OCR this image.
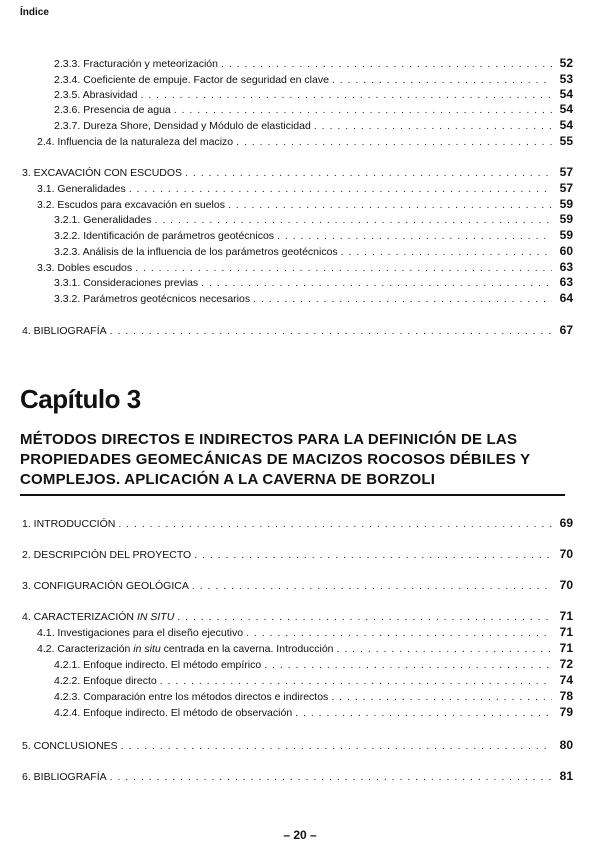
Índice
2.3.3. Fracturación y meteorización . . .	52
2.3.4. Coeficiente de empuje. Factor de seguridad en clave . . .	53
2.3.5. Abrasividad . . .	54
2.3.6. Presencia de agua . . .	54
2.3.7. Dureza Shore, Densidad y Módulo de elasticidad . . .	54
2.4. Influencia de la naturaleza del macizo . . .	55
3. EXCAVACIÓN CON ESCUDOS . . .	57
3.1. Generalidades . . .	57
3.2. Escudos para excavación en suelos . . .	59
3.2.1. Generalidades . . .	59
3.2.2. Identificación de parámetros geotécnicos . . .	59
3.2.3. Análisis de la influencia de los parámetros geotécnicos . . .	60
3.3. Dobles escudos . . .	63
3.3.1. Consideraciones previas . . .	63
3.3.2. Parámetros geotécnicos necesarios . . .	64
4. BIBLIOGRAFÍA . . .	67
Capítulo 3
MÉTODOS DIRECTOS E INDIRECTOS PARA LA DEFINICIÓN DE LAS PROPIEDADES GEOMECÁNICAS DE MACIZOS ROCOSOS DÉBILES Y COMPLEJOS. APLICACIÓN A LA CAVERNA DE BORZOLI
1. INTRODUCCIÓN . . .	69
2. DESCRIPCIÓN DEL PROYECTO . . .	70
3. CONFIGURACIÓN GEOLÓGICA . . .	70
4. CARACTERIZACIÓN IN SITU . . .	71
4.1. Investigaciones para el diseño ejecutivo . . .	71
4.2. Caracterización in situ centrada en la caverna. Introducción . . .	71
4.2.1. Enfoque indirecto. El método empírico . . .	72
4.2.2. Enfoque directo . . .	74
4.2.3. Comparación entre los métodos directos e indirectos . . .	78
4.2.4. Enfoque indirecto. El método de observación . . .	79
5. CONCLUSIONES . . .	80
6. BIBLIOGRAFÍA . . .	81
– 20 –
